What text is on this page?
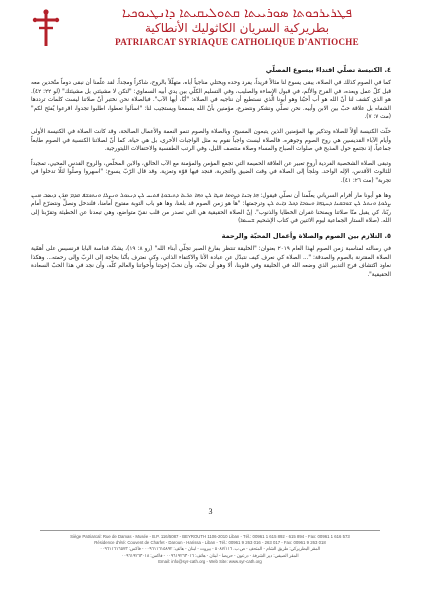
ܦܛܪܝܪܟܘܬܐ ܣܘܪܝܝܬܐ ܩܬܘܠܝܩܝܬܐ ܕܐܢܛܝܘܟܝܐ
بطريركية السريان الكاثوليك الأنطاكية
PATRIARCAT SYRIAQUE CATHOLIQUE D'ANTIOCHE
٤. الكنيسة تصلّي اقتداءً بيسوع المصلّي

كما في الصوم كذلك في الصلاة، يبقى يسوع لنا مثالاً فريداً، يفرد وحده ويختلي مناجياً أباه، متهلّلاً بالروح، شاكراً ومجداً. لقد علّمنا أن نبقى دوماً متّحدين معه قبل كلّ عمل ويعده، في الفرح والألم، في قبول الإساءة والصليب، وفي التسليم الكلّي بين يدي أبيه السماوي: "لتكن لا مشيئتي بل مشيئتك" (لو ٢٢: ٤٢). هو الذي كشف لنا أنّ الله هو أب أحبّنا وهو أبونا الّذي نستطيع أن نناجيه في الصلاة: "أبّا، أيها الآب". فبالصلاة نحن نختبر أنّ صلاتنا ليست كلمات ترددها الشفاه بل علاقة حبّ بين الابن وأبيه. نحن نصلّي ونشكر ونتضرع، مؤمنين بأنّ الله يسمعنا ويستجيب لنا: "اسألوا تعطوا، اطلبوا تجدوا، اقرعوا يُفتَح لكم" (مت ٧: ٧).

حثّت الكنيسة أوّلاً للصلاة وتذكير بها المؤمنين الذين يتبعون المسيح، وبالصلاة والصوم تنمو النعمة والأعمال الصالحة، وقد كانت الصلاة في الكنيسة الأولى وأيام الآباء القديسين هي روح الصوم وجوهره. فالصلاة ليست واجباً نقوم به مثل الواجبات الأخرى، بل هي حياة. كما أنّ لصلاتنا الكنسية في الصوم طابعاً جماعياً، إذ نجتمع حول المذبح في صلوات الصباح والمساء وصلاة منتصف الليل، وفي الرتب الطقسية والاحتفالات الليتورجية.

وتبقى الصلاة الشخصية الفردية أروع تعبير عن العلاقة الحميمة التي تجمع المؤمن والمؤمنة مع الآب الخالق، والابن المخلّص، والروح القدس المحيي، تمجيداً للثالوث الأقدس، الإله الواحد. ونلجأ إلى الصلاة في وقت الضيق والتجربة، فنجد فيها قوّة وتعزية. وقد قال الرّبّ يسوع: "اسهروا وصلّوا لئلّا تدخلوا في تجربة" (مت ٢٦: ٤١).

وها هو أبونا مار أفرام السرياني يعلّمنا أن نصلّي فيقول: ܗܐ ܙܒܢܐ ܕܨܘܡܐ ܡܛܐ ܠܢ ܘܗܐ ܬܪܥܐ ܕܬܝܒܘܬܐ ܦܬܝܚ ܠܢ ܕܢܥܘܠ ܘܢܨܠܐ ܘܢܬܟܫܦ ܩܕܡ ܡܪܢ ܕܢܣܒ ܡܢܢ ܨܠܘܬܐ ܘܢܬܠ ܠܢ ܫܘܒܩܢܐ ܕܚܛܗܐ ܘܚܘܒܐ ܕܟܠ ܕܐܝܬ ܠܢ وترجمتها: "ها هو زمن الصوم قد بلغنا، وها هو باب التوبة مفتوح أمامنا، فلندخل ونصلِّ ونتضرّع أمام ربّنا، كي يقبل منّا صلاتنا ويمنحنا غفران الخطايا والذنوب". إنّ الصلاة الحقيقية هي التي تصدر من قلب نقيّ متواضع، وهي تبعدنا عن الخطيئة وتقرّبنا إلى الله. (صلاة الستار الجماعية ليوم الاثنين في كتاب الإشحيم ܫܚܝܡܐ)

٥. التلازم بين الصوم والصلاة وأعمال المحبّة والرحمة

في رسالته لمناسبة زمن الصوم لهذا العام ٢٠١٩ بعنوان: "الخليقة تنتظر بفارغ الصبر تجلّي أبناء الله" (رو ٨: ١٩)، يشدّد قداسة البابا فرنسيس على أهمّية الصلاة المقترنة بالصوم والصدقة: "... الصلاة كي نعرف كيف نتبدّل عن عبادة الأنا والاكتفاء الذاتي، وكي نعترف بأنّنا بحاجة إلى الربّ وإلى رحمته... وهكذا نعاود اكتشاف فرح التدبير الذي وضعه الله في الخليقة وفي قلوبنا، ألا وهو أن نحبّه، وأن نحبّ إخوتنا وأخواتنا والعالم كلّه، وأن نجد في هذا الحبّ السعادة الحقيقية".

3
Siège Patriarcal: Rue de Damas - Musée - B.P. 116/5087 - BEYROUTH 1106-2010 Liban - Tél.: 00961 1 615 892 - 615 894 - Fax: 00961 1 616 573
Résidence d'été: Couvent de Charfet - Daroun - Harissa - Liban - Tél.: 00961 9 263 016 - 263 017 - Fax: 00961 9 263 018
المقر البطريركي: طريق الشام - المتحف - ص.ب. ٥٠٨٧/١١٦ - بيروت - لبنان - هاتف: ٠٠٩٦١١٦١٥٨٩٢ - فاكس: ٠٠٩٦١١٦١٦٥٧٣
المقر الصيفي: دير الشرفة - درعون - حريصا - لبنان - هاتف: ٠٠٩٦١٩٢٦٣٠١٦ - فاكس: ٠٠٩٦١٩٢٦٣٠١٨
Email: info@syr-cath.org - Web Site: www.syr-cath.org
